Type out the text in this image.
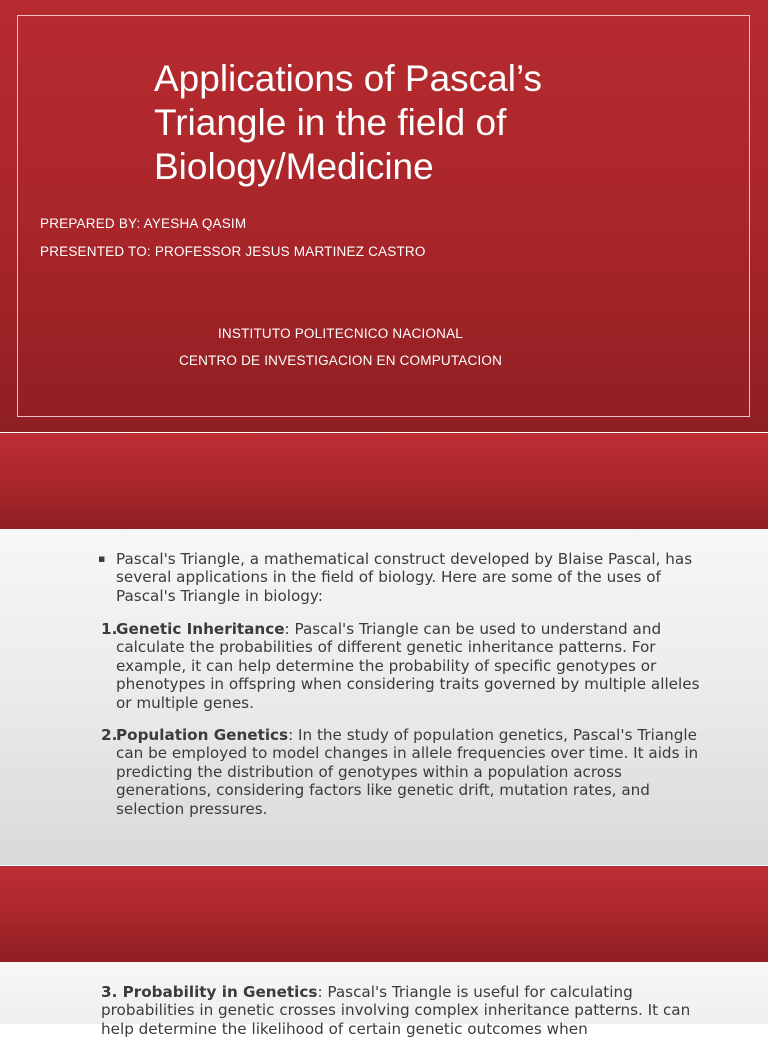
Applications of Pascal’s
Triangle in the field of
Biology/Medicine
PREPARED BY: AYESHA QASIM
PRESENTED TO: PROFESSOR JESUS MARTINEZ CASTRO
INSTITUTO POLITECNICO NACIONAL
CENTRO DE INVESTIGACION EN COMPUTACION
▪ Pascal's Triangle, a mathematical construct developed by Blaise Pascal, has several applications in the field of biology. Here are some of the uses of Pascal's Triangle in biology:
1.
Genetic Inheritance: Pascal's Triangle can be used to understand and calculate the probabilities of different genetic inheritance patterns. For example, it can help determine the probability of specific genotypes or phenotypes in offspring when considering traits governed by multiple alleles or multiple genes.
2.
Population Genetics: In the study of population genetics, Pascal's Triangle can be employed to model changes in allele frequencies over time. It aids in predicting the distribution of genotypes within a population across generations, considering factors like genetic drift, mutation rates, and selection pressures.
3. Probability in Genetics: Pascal's Triangle is useful for calculating probabilities in genetic crosses involving complex inheritance patterns. It can help determine the likelihood of certain genetic outcomes when
